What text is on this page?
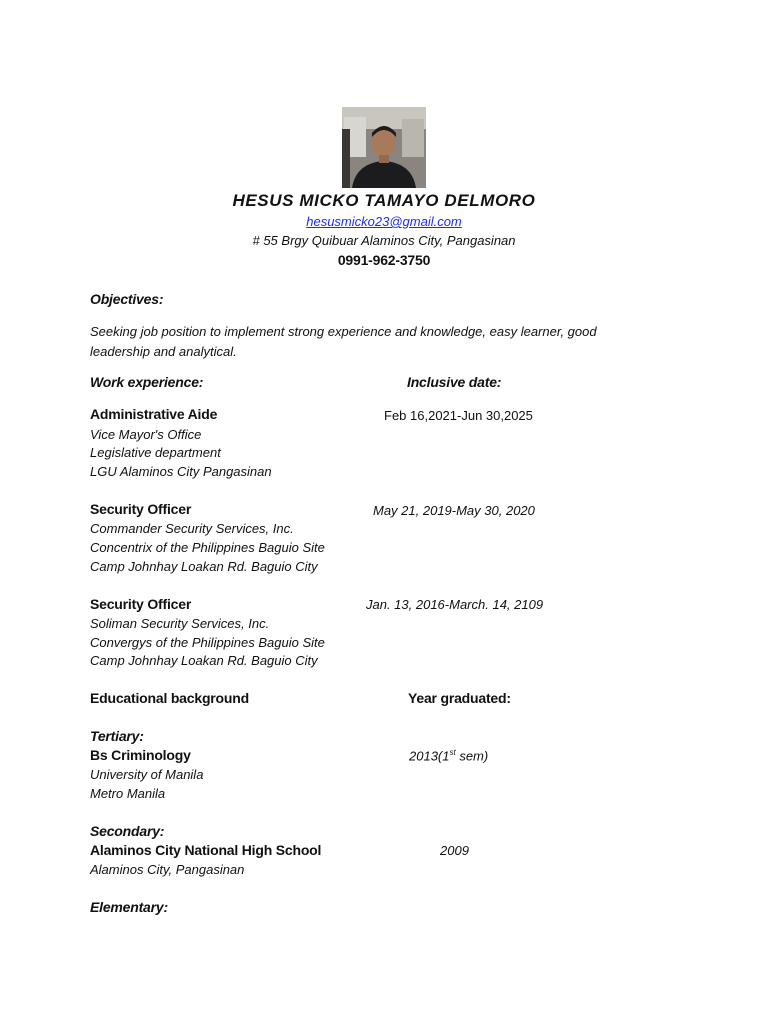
HESUS MICKO TAMAYO DELMORO
hesusmicko23@gmail.com
# 55 Brgy Quibuar Alaminos City, Pangasinan
0991-962-3750
Objectives:
Seeking job position to implement strong experience and knowledge, easy learner, good
leadership and analytical.
Work experience:	Inclusive date:
Administrative Aide	Feb 16,2021-Jun 30,2025
Vice Mayor's Office
Legislative department
LGU Alaminos City Pangasinan
Security Officer	May 21, 2019-May 30, 2020
Commander Security Services, Inc.
Concentrix of the Philippines Baguio Site
Camp Johnhay Loakan Rd. Baguio City
Security Officer	Jan. 13, 2016-March. 14, 2109
Soliman Security Services, Inc.
Convergys of the Philippines Baguio Site
Camp Johnhay Loakan Rd. Baguio City
Educational background	Year graduated:
Tertiary:
Bs Criminology	2013(1st sem)
University of Manila
Metro Manila
Secondary:
Alaminos City National High School	2009
Alaminos City, Pangasinan
Elementary:
